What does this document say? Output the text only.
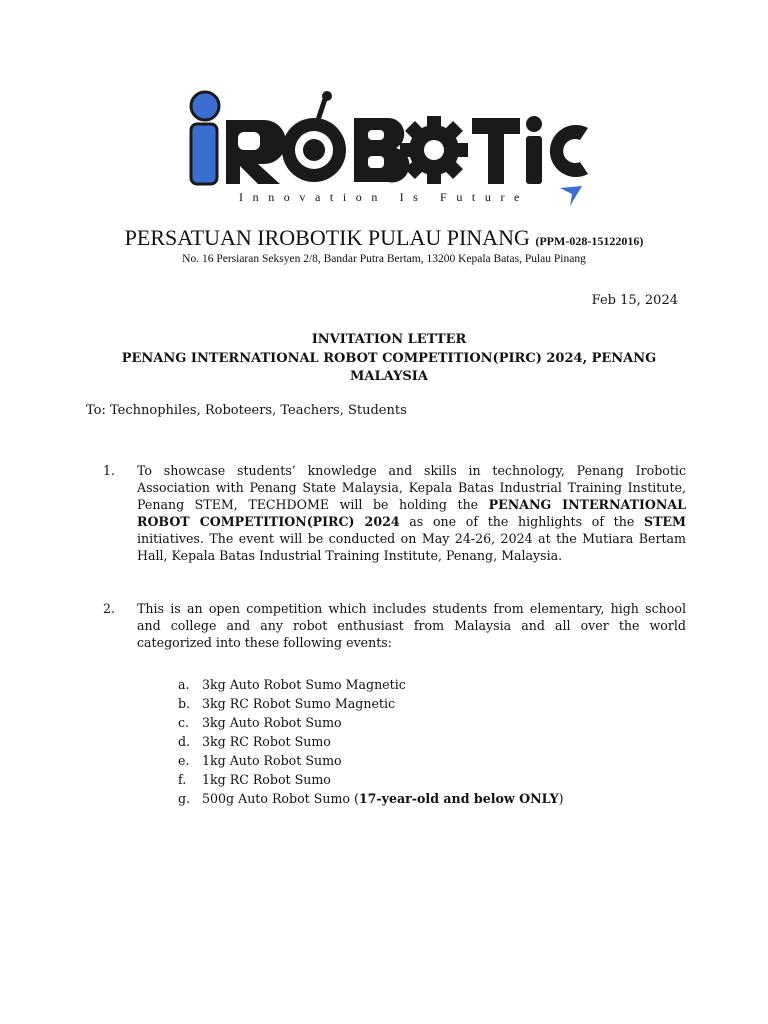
Innovation Is Future
PERSATUAN IROBOTIK PULAU PINANG (PPM-028-15122016)
No. 16 Persiaran Seksyen 2/8, Bandar Putra Bertam, 13200 Kepala Batas, Pulau Pinang
Feb 15, 2024
INVITATION LETTER
PENANG INTERNATIONAL ROBOT COMPETITION(PIRC) 2024, PENANG
MALAYSIA
To: Technophiles, Roboteers, Teachers, Students
1. To showcase students’ knowledge and skills in technology, Penang Irobotic Association with Penang State Malaysia, Kepala Batas Industrial Training Institute, Penang STEM, TECHDOME will be holding the PENANG INTERNATIONAL ROBOT COMPETITION(PIRC) 2024 as one of the highlights of the STEM initiatives. The event will be conducted on May 24-26, 2024 at the Mutiara Bertam Hall, Kepala Batas Industrial Training Institute, Penang, Malaysia.
2. This is an open competition which includes students from elementary, high school and college and any robot enthusiast from Malaysia and all over the world categorized into these following events:
a. 3kg Auto Robot Sumo Magnetic
b. 3kg RC Robot Sumo Magnetic
c.	3kg Auto Robot Sumo
d. 3kg RC Robot Sumo
e. 1kg Auto Robot Sumo
f.	1kg RC Robot Sumo
g. 500g Auto Robot Sumo ( 17-year-old and below ONLY )
